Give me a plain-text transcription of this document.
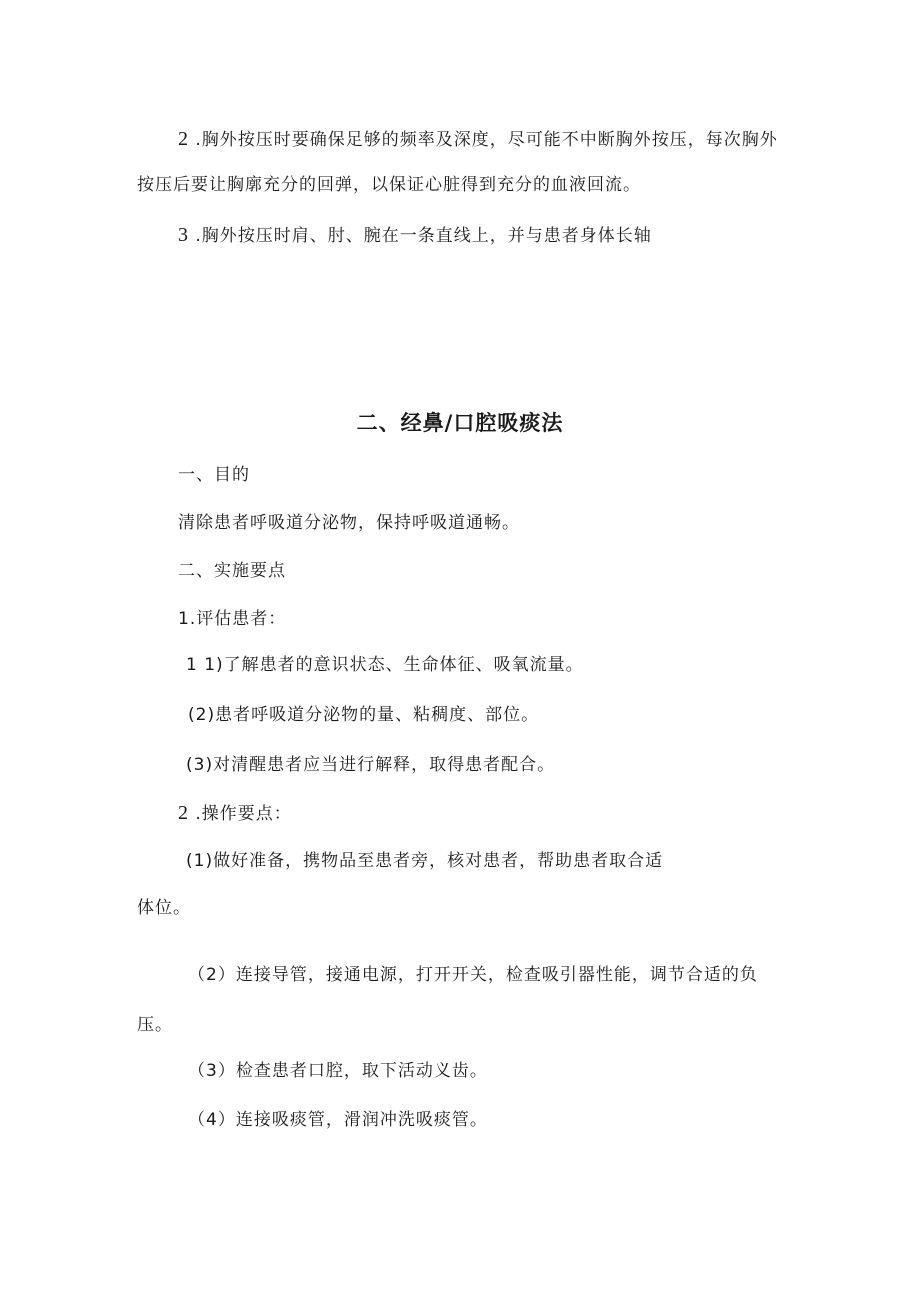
2 .胸外按压时要确保足够的频率及深度，尽可能不中断胸外按压，每次胸外
按压后要让胸廓充分的回弹，以保证心脏得到充分的血液回流。
3 .胸外按压时肩、肘、腕在一条直线上，并与患者身体长轴
二、经鼻/口腔吸痰法
一、目的
清除患者呼吸道分泌物，保持呼吸道通畅。
二、实施要点
1.评估患者：
1 1)了解患者的意识状态、生命体征、吸氧流量。
(2)患者呼吸道分泌物的量、粘稠度、部位。
(3)对清醒患者应当进行解释，取得患者配合。
2 .操作要点：
(1)做好准备，携物品至患者旁，核对患者，帮助患者取合适
体位。
（2）连接导管，接通电源，打开开关，检查吸引器性能，调节合适的负
压。
（3）检查患者口腔，取下活动义齿。
（4）连接吸痰管，滑润冲洗吸痰管。
